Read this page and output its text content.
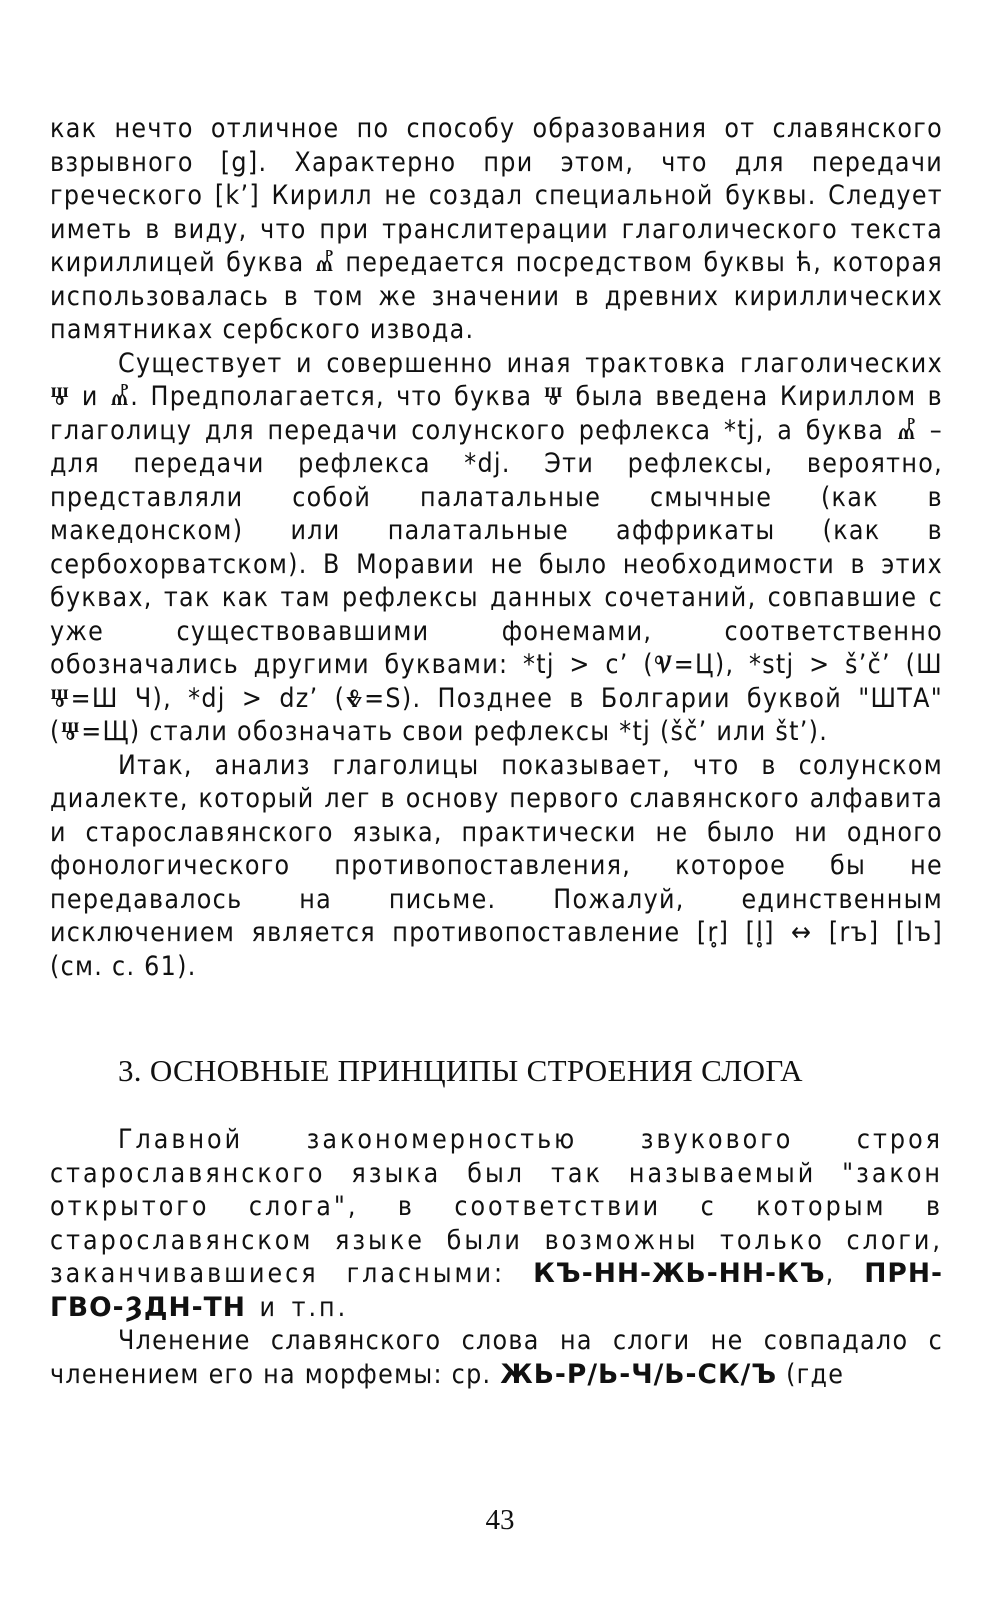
как нечто отличное по способу образования от славянского взрывного [g]. Характерно при этом, что для передачи греческого [k’] Кирилл не создал специальной буквы. Следует иметь в виду, что при транслитерации глаголического текста кириллицей буква Ⰼ передается посредством буквы ћ, которая использовалась в том же значении в древних кириллических памятниках сербского извода.

Существует и совершенно иная трактовка глаголических Ⱋ и Ⰼ. Предполагается, что буква Ⱋ была введена Кириллом в глаголицу для передачи солунского рефлекса *tj, а буква Ⰼ – для передачи рефлекса *dj. Эти рефлексы, вероятно, представляли собой палатальные смычные (как в македонском) или палатальные аффрикаты (как в сербохорватском). В Моравии не было необходимости в этих буквах, так как там рефлексы данных сочетаний, совпавшие с уже существовавшими фонемами, соответственно обозначались другими буквами: *tj > c’ (Ⱌ=Ц), *stj > š’č’ (Ш Ⱋ=Ш Ч), *dj > dz’ (Ⰷ=Ѕ). Позднее в Болгарии буквой "ШТА" (Ⱋ=Щ) стали обозначать свои рефлексы *tj (šč’ или št’).

Итак, анализ глаголицы показывает, что в солунском диалекте, который лег в основу первого славянского алфавита и старославянского языка, практически не было ни одного фонологического противопоставления, которое бы не передавалось на письме. Пожалуй, единственным исключением является противопоставление [r̥] [l̥] ↔ [rъ] [lъ] (см. с. 61).

3. ОСНОВНЫЕ ПРИНЦИПЫ СТРОЕНИЯ СЛОГА

Главной закономерностью звукового строя старославянского языка был так называемый "закон открытого слога", в соответствии с которым в старославянском языке были возможны только слоги, заканчивавшиеся гласными: КЪ-НН-ЖЬ-НН-КЪ, ПРН-ГВО-ȜДН-ТН и т.п.

Членение славянского слова на слоги не совпадало с членением его на морфемы: ср. ЖЬ-Р/Ь-Ч/Ь-СК/Ъ (где

43
